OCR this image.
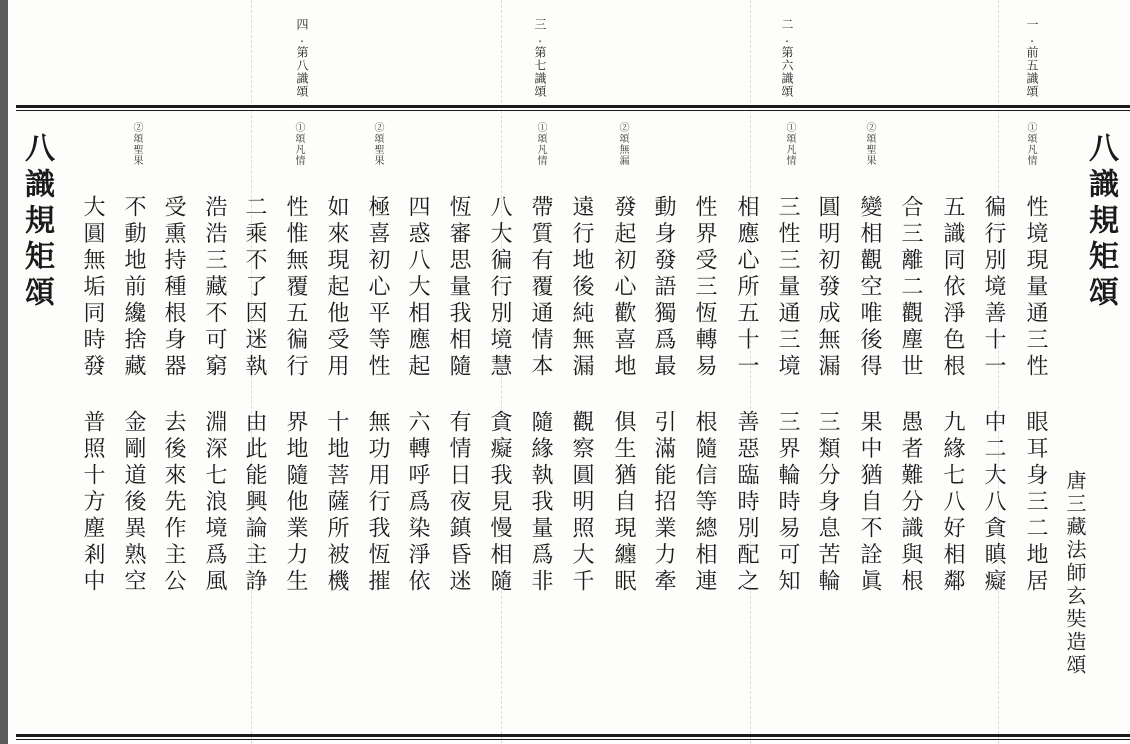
一.前五識頌
二.第六識頌
三.第七識頌
四.第八識頌
①頌凡情
②頌聖果
①頌凡情
②頌無漏
①頌凡情
②頌聖果
①頌凡情
②頌聖果
性境現量通三性
眼耳身三二地居
徧行別境善十一
中二大八貪瞋癡
五識同依淨色根
九緣七八好相鄰
合三離二觀塵世
愚者難分識與根
變相觀空唯後得
果中猶自不詮眞
圓明初發成無漏
三類分身息苦輪
三性三量通三境
三界輪時易可知
相應心所五十一
善惡臨時別配之
性界受三恆轉易
根隨信等總相連
動身發語獨爲最
引滿能招業力牽
發起初心歡喜地
俱生猶自現纏眠
遠行地後純無漏
觀察圓明照大千
帶質有覆通情本
隨緣執我量爲非
八大徧行別境慧
貪癡我見慢相隨
恆審思量我相隨
有情日夜鎮昏迷
四惑八大相應起
六轉呼爲染淨依
極喜初心平等性
無功用行我恆摧
如來現起他受用
十地菩薩所被機
性惟無覆五徧行
界地隨他業力生
二乘不了因迷執
由此能興論主諍
浩浩三藏不可窮
淵深七浪境爲風
受熏持種根身器
去後來先作主公
不動地前纔捨藏
金剛道後異熟空
大圓無垢同時發
普照十方塵剎中
八識規矩頌
八識規矩頌
唐三藏法師玄奘造頌
